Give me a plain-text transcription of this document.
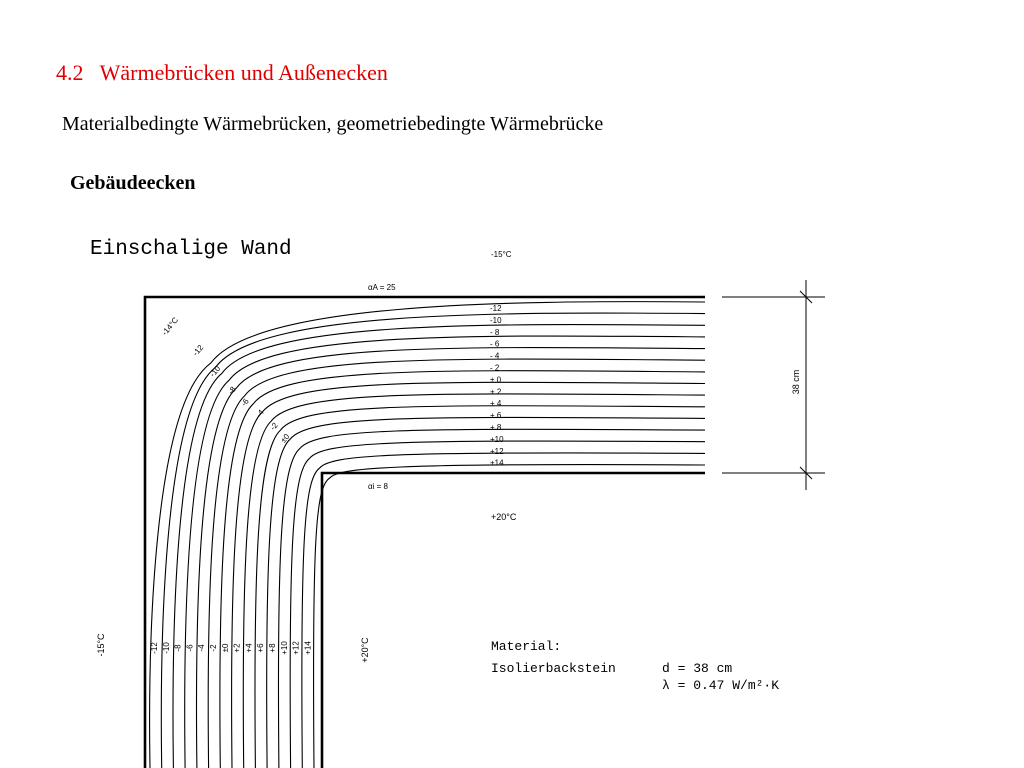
4.2 Wärmebrücken und Außenecken
Materialbedingte Wärmebrücken, geometriebedingte Wärmebrücke
Gebäudeecken
Einschalige Wand
38 cm
-15°C
αA = 25
αi = 8
+20°C
-15°C	+20°C
-12
-10
- 8
- 6
- 4
- 2
± 0
+ 2
+ 4
+ 6
+ 8
+10
+12
+14
-12 -10 -8 -6 -4 -2 ±0 +2 +4 +6 +8 +10 +12 +14
-14°C
-12
-10
-8
-6
-4
-2
±0
Material:
Isolierbackstein	d = 38 cm
λ = 0.47 W/m²·K
